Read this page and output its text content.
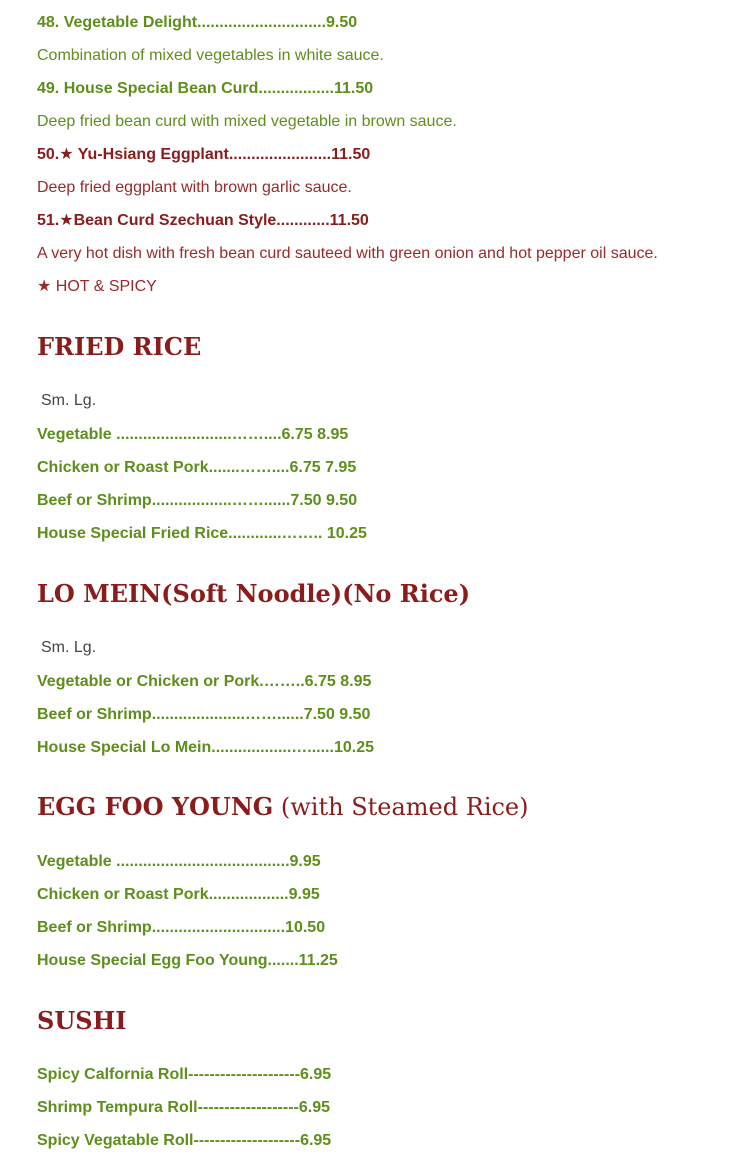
48. Vegetable Delight.............................9.50
Combination of mixed vegetables in white sauce.
49. House Special Bean Curd.................11.50
Deep fried bean curd with mixed vegetable in brown sauce.
50.★ Yu-Hsiang Eggplant.......................11.50
Deep fried eggplant with brown garlic sauce.
51.★Bean Curd Szechuan Style............11.50
A very hot dish with fresh bean curd sauteed with green onion and hot pepper oil sauce.
★ HOT & SPICY
FRIED RICE
Sm. Lg.
Vegetable ..........................……....6.75 8.95
Chicken or Roast Pork.......……....6.75 7.95
Beef or Shrimp..................……......7.50 9.50
House Special Fried Rice............…….. 10.25
LO MEIN(Soft Noodle)(No Rice)
Sm. Lg.
Vegetable or Chicken or Pork.……..6.75 8.95
Beef or Shrimp.....................……......7.50 9.50
House Special Lo Mein..................…......10.25
EGG FOO YOUNG (with Steamed Rice)
Vegetable .......................................9.95
Chicken or Roast Pork..................9.95
Beef or Shrimp..............................10.50
House Special Egg Foo Young.......11.25
SUSHI
Spicy Calfornia Roll---------------------6.95
Shrimp Tempura Roll-------------------6.95
Spicy Vegatable Roll--------------------6.95
